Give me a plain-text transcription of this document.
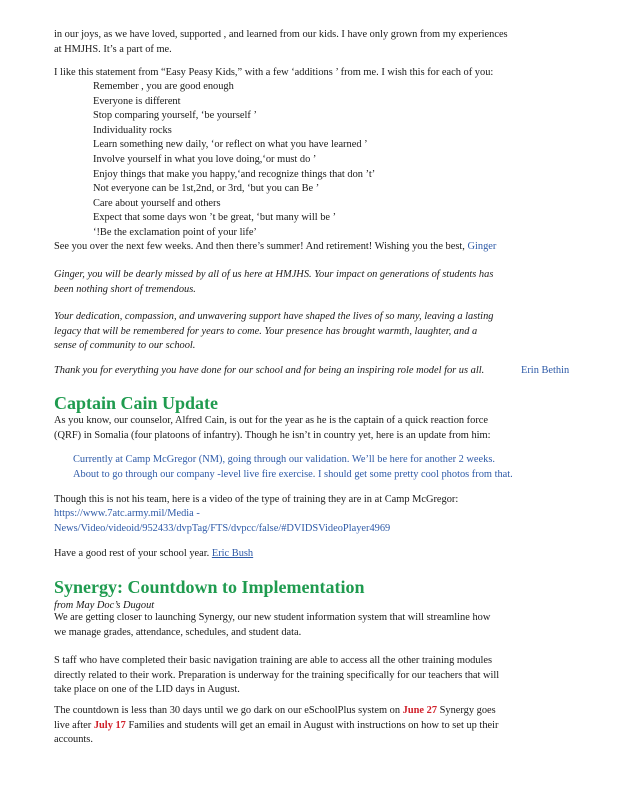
in our joys, as we have loved, supported , and learned from our kids. I have only grown from my experiences

at HMJHS. It’s a part of me.

I like this statement from “Easy Peasy Kids,” with a few ‘additions ’ from me. I wish this for each of you:

Remember , you are good enough
Everyone is different
Stop comparing yourself, ‘be yourself ’
Individuality rocks
Learn something new daily, ‘or reflect on what you have learned ’
Involve yourself in what you love doing,‘or must do ’
Enjoy things that make you happy,‘and recognize things that don ’t’
Not everyone can be 1st,2nd, or 3rd, ‘but you can Be ’
Care about yourself and others
Expect that some days won ’t be great, ‘but many will be ’
‘!Be the exclamation point of your life’

See you over the next few weeks. And then there’s summer! And retirement! Wishing you the best, Ginger

Ginger, you will be dearly missed by all of us here at HMJHS. Your impact on generations of students has

been nothing short of tremendous.

Your dedication, compassion, and unwavering support have shaped the lives of so many, leaving a lasting

legacy that will be remembered for years to come. Your presence has brought warmth, laughter, and a

sense of community to our school.

Thank you for everything you have done for our school and for being an inspiring role model for us all.	Erin Bethin
Captain Cain Update

As you know, our counselor, Alfred Cain, is out for the year as he is the captain of a quick reaction force

(QRF) in Somalia (four platoons of infantry). Though he isn’t in country yet, here is an update from him:

Currently at Camp McGregor (NM), going through our validation. We’ll be here for another 2 weeks.

About to go through our company -level live fire exercise. I should get some pretty cool photos from that.

Though this is not his team, here is a video of the type of training they are in at Camp McGregor:

https://www.7atc.army.mil/Media -

News/Video/videoid/952433/dvpTag/FTS/dvpcc/false/#DVIDSVideoPlayer4969

Have a good rest of your school year. Eric Bush

Synergy: Countdown to Implementation

from May Doc’s Dugout

We are getting closer to launching Synergy, our new student information system that will streamline how

we manage grades, attendance, schedules, and student data.

S taff who have completed their basic navigation training are able to access all the other training modules

directly related to their work. Preparation is underway for the training specifically for our teachers that will

take place on one of the LID days in August.

The countdown is less than 30 days until we go dark on our eSchoolPlus system on June 27 Synergy goes

live after July 17 Families and students will get an email in August with instructions on how to set up their

accounts.
